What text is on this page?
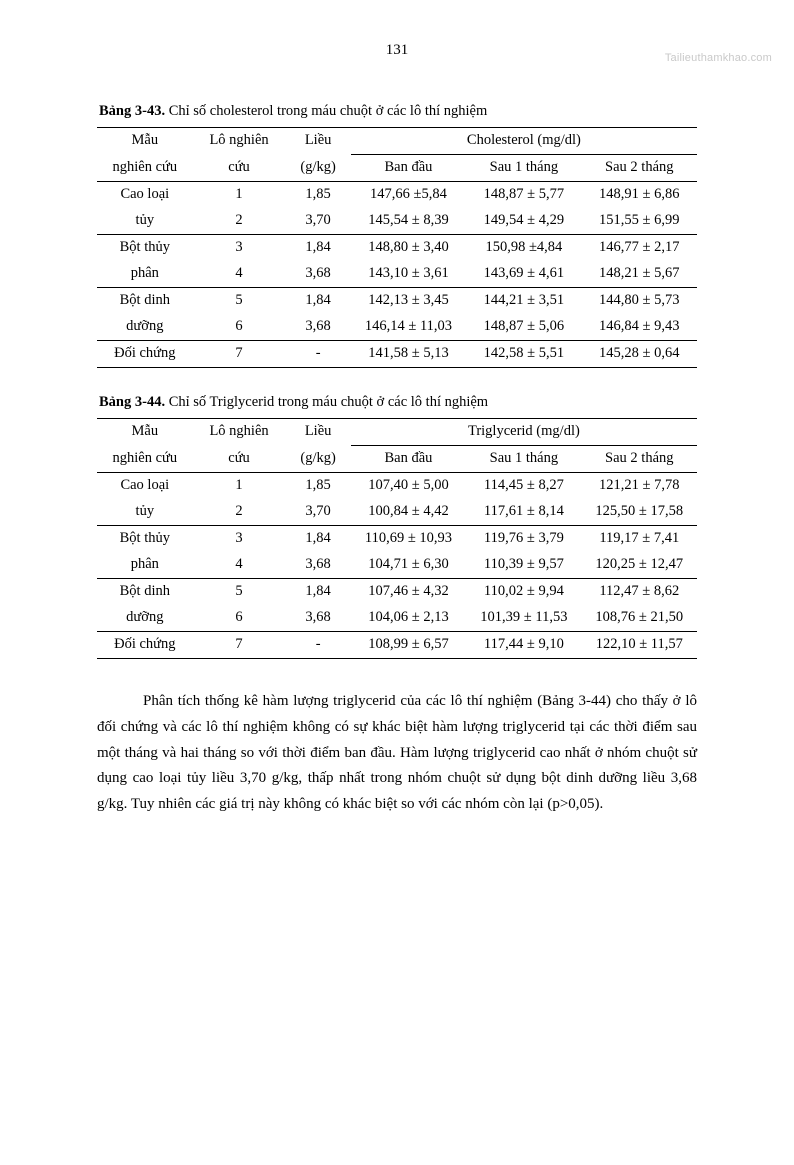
Tailieuthamkhao.com
131
Bảng 3-43. Chỉ số cholesterol trong máu chuột ở các lô thí nghiệm
Mẫu	Lô nghiên	Liều	Cholesterol (mg/dl)		
nghiên cứu	cứu	(g/kg)	Ban đầu	Sau 1 tháng	Sau 2 tháng
Cao loại	1	1,85	147,66 ±5,84	148,87 ± 5,77	148,91 ± 6,86
tủy	2	3,70	145,54 ± 8,39	149,54 ± 4,29	151,55 ± 6,99
Bột thủy	3	1,84	148,80 ± 3,40	150,98 ±4,84	146,77 ± 2,17
phân	4	3,68	143,10 ± 3,61	143,69 ± 4,61	148,21 ± 5,67
Bột dinh	5	1,84	142,13 ± 3,45	144,21 ± 3,51	144,80 ± 5,73
dưỡng	6	3,68	146,14 ± 11,03	148,87 ± 5,06	146,84 ± 9,43
Đối chứng	7	-	141,58 ± 5,13	142,58 ± 5,51	145,28 ± 0,64
Bảng 3-44. Chỉ số Triglycerid trong máu chuột ở các lô thí nghiệm
Mẫu	Lô nghiên	Liều	Triglycerid (mg/dl)		
nghiên cứu	cứu	(g/kg)	Ban đầu	Sau 1 tháng	Sau 2 tháng
Cao loại	1	1,85	107,40 ± 5,00	114,45 ± 8,27	121,21 ± 7,78
tủy	2	3,70	100,84 ± 4,42	117,61 ± 8,14	125,50 ± 17,58
Bột thủy	3	1,84	110,69 ± 10,93	119,76 ± 3,79	119,17 ± 7,41
phân	4	3,68	104,71 ± 6,30	110,39 ± 9,57	120,25 ± 12,47
Bột dinh	5	1,84	107,46 ± 4,32	110,02 ± 9,94	112,47 ± 8,62
dưỡng	6	3,68	104,06 ± 2,13	101,39 ± 11,53	108,76 ± 21,50
Đối chứng	7	-	108,99 ± 6,57	117,44 ± 9,10	122,10 ± 11,57

Phân tích thống kê hàm lượng triglycerid của các lô thí nghiệm (Bảng 3-44) cho thấy ở lô đối chứng và các lô thí nghiệm không có sự khác biệt hàm lượng triglycerid tại các thời điểm sau một tháng và hai tháng so với thời điểm ban đầu. Hàm lượng triglycerid cao nhất ở nhóm chuột sử dụng cao loại tủy liều 3,70 g/kg, thấp nhất trong nhóm chuột sử dụng bột dinh dưỡng liều 3,68 g/kg. Tuy nhiên các giá trị này không có khác biệt so với các nhóm còn lại (p>0,05).
